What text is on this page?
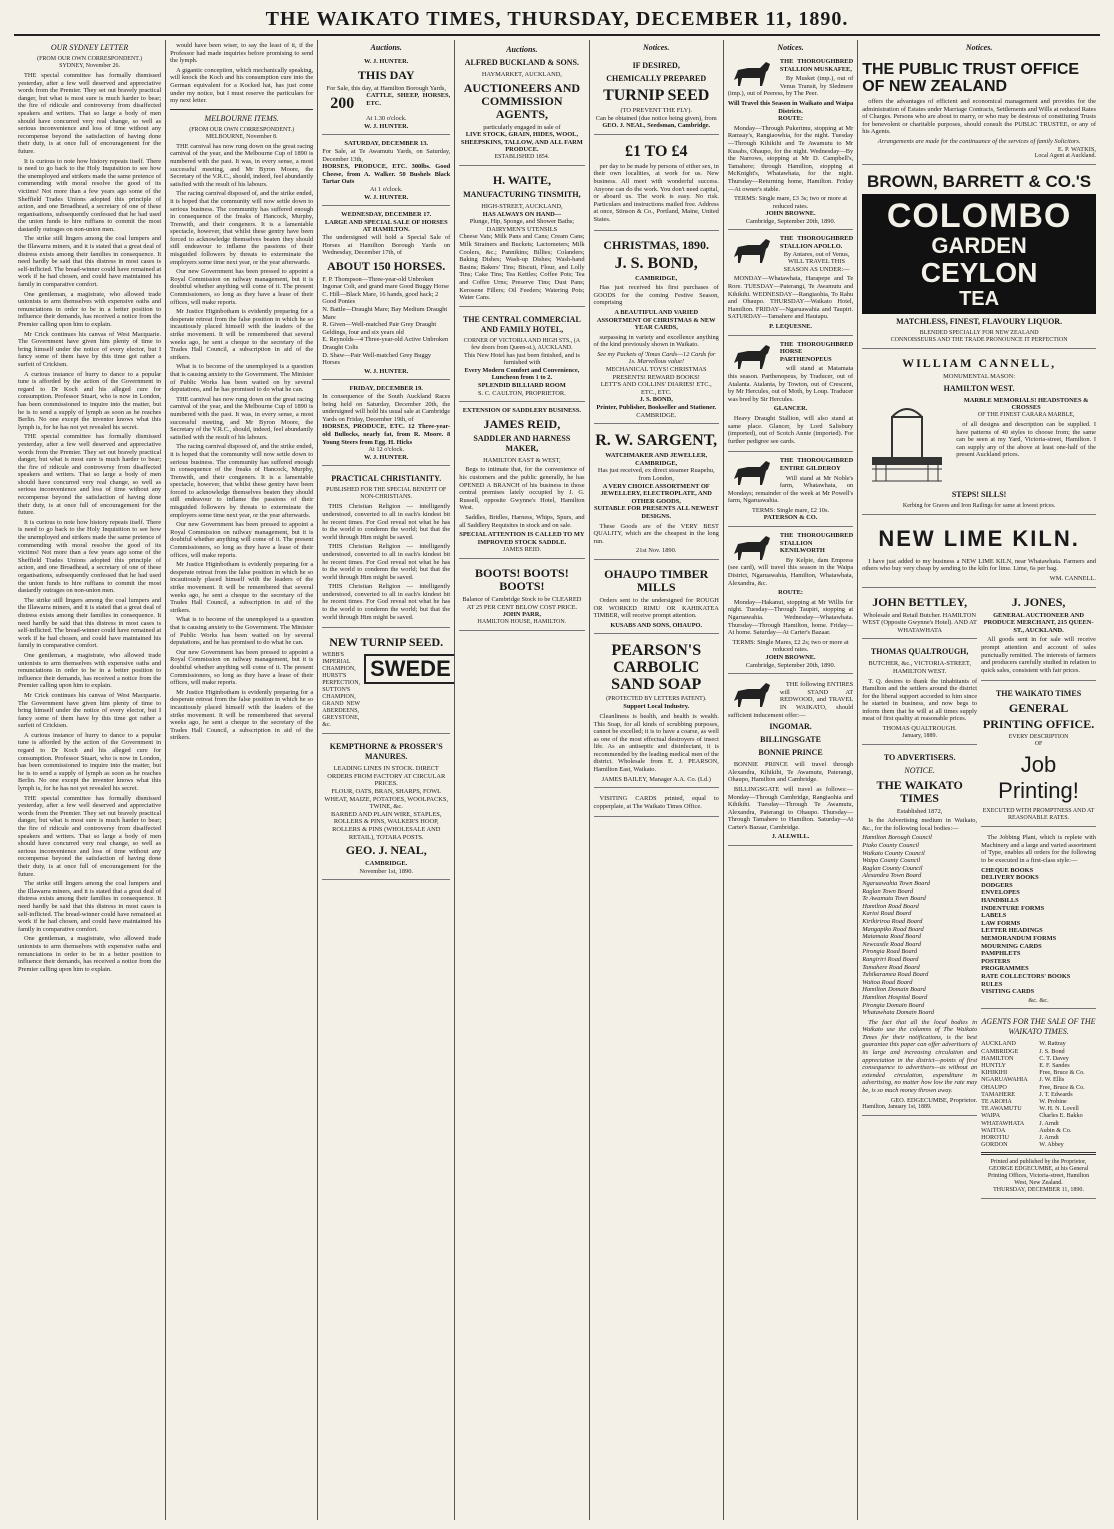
THE WAIKATO TIMES, THURSDAY, DECEMBER 11, 1890.
OUR SYDNEY LETTER
(FROM OUR OWN CORRESPONDENT.)
SYDNEY, November 26.

THE special committee has formally dismissed yesterday, after a few well deserved and appreciative words from the Premier. They set out bravely practical danger, but what is most sure is much harder to bear; the fire of ridicule and controversy from disaffected speakers and writers. That so large a body of men should have concurred very real change, so well as serious inconvenience and loss of time without any recompense beyond the satisfaction of having done their duty, is at once full of encouragement for the future.

It is curious to note how history repeats itself. There is need to go back to the Holy Inquisition to see how the unemployed and strikers made the same pretence of commending with moral resolve the good of its victims! Not more than a few years ago some of the Sheffield Trades Unions adopted this principle of action, and one Broadhead, a secretary of one of these organisations, subsequently confessed that he had used the union funds to hire ruffians to commit the most dastardly outrages on non-union men.

The strike still lingers among the coal lumpers and the Illawarra miners, and it is stated that a great deal of distress exists among their families in consequence. It need hardly be said that this distress in most cases is self-inflicted. The bread-winner could have remained at work if he had chosen, and could have maintained his family in comparative comfort.

One gentleman, a magistrate, who allowed trade unionists to arm themselves with expensive oaths and renunciations in order to be in a better position to influence their demands, has received a notice from the Premier calling upon him to explain.

Mr Crick continues his canvas of West Macquarie. The Government have given him plenty of time to bring himself under the notice of every elector, but I fancy some of them have by this time got rather a surfeit of Crickism.

A curious instance of hurry to dance to a popular tune is afforded by the action of the Government in regard to Dr Koch and his alleged cure for consumption. Professor Stuart, who is now in London, has been commissioned to inquire into the matter, but he is to send a supply of lymph as soon as he reaches Berlin. No one except the inventor knows what this lymph is, for he has not yet revealed his secret.

THE special committee has formally dismissed yesterday, after a few well deserved and appreciative words from the Premier. They set out bravely practical danger, but what is most sure is much harder to bear; the fire of ridicule and controversy from disaffected speakers and writers. That so large a body of men should have concurred very real change, so well as serious inconvenience and loss of time without any recompense beyond the satisfaction of having done their duty, is at once full of encouragement for the future.

It is curious to note how history repeats itself. There is need to go back to the Holy Inquisition to see how the unemployed and strikers made the same pretence of commending with moral resolve the good of its victims! Not more than a few years ago some of the Sheffield Trades Unions adopted this principle of action, and one Broadhead, a secretary of one of these organisations, subsequently confessed that he had used the union funds to hire ruffians to commit the most dastardly outrages on non-union men.

The strike still lingers among the coal lumpers and the Illawarra miners, and it is stated that a great deal of distress exists among their families in consequence. It need hardly be said that this distress in most cases is self-inflicted. The bread-winner could have remained at work if he had chosen, and could have maintained his family in comparative comfort.

One gentleman, a magistrate, who allowed trade unionists to arm themselves with expensive oaths and renunciations in order to be in a better position to influence their demands, has received a notice from the Premier calling upon him to explain.

Mr Crick continues his canvas of West Macquarie. The Government have given him plenty of time to bring himself under the notice of every elector, but I fancy some of them have by this time got rather a surfeit of Crickism.

A curious instance of hurry to dance to a popular tune is afforded by the action of the Government in regard to Dr Koch and his alleged cure for consumption. Professor Stuart, who is now in London, has been commissioned to inquire into the matter, but he is to send a supply of lymph as soon as he reaches Berlin. No one except the inventor knows what this lymph is, for he has not yet revealed his secret.

THE special committee has formally dismissed yesterday, after a few well deserved and appreciative words from the Premier. They set out bravely practical danger, but what is most sure is much harder to bear; the fire of ridicule and controversy from disaffected speakers and writers. That so large a body of men should have concurred very real change, so well as serious inconvenience and loss of time without any recompense beyond the satisfaction of having done their duty, is at once full of encouragement for the future.

The strike still lingers among the coal lumpers and the Illawarra miners, and it is stated that a great deal of distress exists among their families in consequence. It need hardly be said that this distress in most cases is self-inflicted. The bread-winner could have remained at work if he had chosen, and could have maintained his family in comparative comfort.

One gentleman, a magistrate, who allowed trade unionists to arm themselves with expensive oaths and renunciations in order to be in a better position to influence their demands, has received a notice from the Premier calling upon him to explain.

would have been wiser, to say the least of it, if the Professor had made inquiries before promising to send the lymph.

A gigantic conception, which mechanically speaking, will knock the Koch and his consumption cure into the German equivalent for a Kocked hat, has just come under my notice, but I must reserve the particulars for my next letter.

MELBOURNE ITEMS.
(FROM OUR OWN CORRESPONDENT.)
MELBOURNE, November 8.

THE carnival has now rung down on the great racing carnival of the year, and the Melbourne Cup of 1890 is numbered with the past. It was, in every sense, a most successful meeting, and Mr Byron Moore, the Secretary of the V.R.C., should, indeed, feel abundantly satisfied with the result of his labours.

The racing carnival disposed of, and the strike ended, it is hoped that the community will now settle down to serious business. The community has suffered enough in consequence of the freaks of Hancock, Murphy, Trenwith, and their congeners. It is a lamentable spectacle, however, that whilst these gentry have been forced to acknowledge themselves beaten they should still endeavour to inflame the passions of their misguided followers by threats to exterminate the employers some time next year, or the year afterwards.

Our new Government has been pressed to appoint a Royal Commission on railway management, but it is doubtful whether anything will come of it. The present Commissioners, so long as they have a lease of their offices, will make reports.

Mr Justice Higinbotham is evidently preparing for a desperate retreat from the false position in which he so incautiously placed himself with the leaders of the strike movement. It will be remembered that several weeks ago, he sent a cheque to the secretary of the Trades Hall Council, a subscription in aid of the strikers.

What is to become of the unemployed is a question that is causing anxiety to the Government. The Minister of Public Works has been waited on by several deputations, and he has promised to do what he can.

THE carnival has now rung down on the great racing carnival of the year, and the Melbourne Cup of 1890 is numbered with the past. It was, in every sense, a most successful meeting, and Mr Byron Moore, the Secretary of the V.R.C., should, indeed, feel abundantly satisfied with the result of his labours.

The racing carnival disposed of, and the strike ended, it is hoped that the community will now settle down to serious business. The community has suffered enough in consequence of the freaks of Hancock, Murphy, Trenwith, and their congeners. It is a lamentable spectacle, however, that whilst these gentry have been forced to acknowledge themselves beaten they should still endeavour to inflame the passions of their misguided followers by threats to exterminate the employers some time next year, or the year afterwards.

Our new Government has been pressed to appoint a Royal Commission on railway management, but it is doubtful whether anything will come of it. The present Commissioners, so long as they have a lease of their offices, will make reports.

Mr Justice Higinbotham is evidently preparing for a desperate retreat from the false position in which he so incautiously placed himself with the leaders of the strike movement. It will be remembered that several weeks ago, he sent a cheque to the secretary of the Trades Hall Council, a subscription in aid of the strikers.

What is to become of the unemployed is a question that is causing anxiety to the Government. The Minister of Public Works has been waited on by several deputations, and he has promised to do what he can.

Our new Government has been pressed to appoint a Royal Commission on railway management, but it is doubtful whether anything will come of it. The present Commissioners, so long as they have a lease of their offices, will make reports.

Mr Justice Higinbotham is evidently preparing for a desperate retreat from the false position in which he so incautiously placed himself with the leaders of the strike movement. It will be remembered that several weeks ago, he sent a cheque to the secretary of the Trades Hall Council, a subscription in aid of the strikers.

Auctions.
W. J. HUNTER.
THIS DAY
For Sale, this day, at Hamilton Borough Yards,
200	CATTLE, SHEEP, HORSES, ETC.
At 1.30 o'clock.
W. J. HUNTER.
SATURDAY, DECEMBER 13.
For Sale, at Te Awamutu Yards, on Saturday, December 13th,
HORSES, PRODUCE, ETC. 300lbs. Good Cheese, from A. Walker. 50 Bushels Black Tartar Oats
At 1 o'clock.
W. J. HUNTER.
WEDNESDAY, DECEMBER 17.
LARGE AND SPECIAL SALE OF HORSES AT HAMILTON.
The undersigned will hold a Special Sale of Horses at Hamilton Borough Yards on Wednesday, December 17th, of
ABOUT 150 HORSES.
F. P. Thompson—Three-year-old Unbroken Ingonar Colt, and grand mare Good Buggy Horse
C. Hill—Black Mare, 16 hands, good hack; 2 Good Ponies
N. Battle—Draught Mare; Bay Medium Draught Mare
R. Given—Well-matched Pair Grey Draught Geldings, four and six years old
E. Reynolds—4 Three-year-old Active Unbroken Draught Colts
D. Shaw—Pair Well-matched Grey Buggy Horses
W. J. HUNTER.
FRIDAY, DECEMBER 19.
In consequence of the South Auckland Races being held on Saturday, December 20th, the undersigned will hold his usual sale at Cambridge Yards on Friday, December 19th, of
HORSES, PRODUCE, ETC. 12 Three-year-old Bullocks, nearly fat, from R. Moore. 8 Young Steers from Egg. H. Hicks
At 12 o'clock.
W. J. HUNTER.
PRACTICAL CHRISTIANITY.
PUBLISHED FOR THE SPECIAL BENEFIT OF NON-CHRISTIANS.

THIS Christian Religion — intelligently understood, converted to all in each's kindest bit he recent times. For God reveal not what he has to the world to condemn the world; but that the world through Him might be saved.

THIS Christian Religion — intelligently understood, converted to all in each's kindest bit he recent times. For God reveal not what he has to the world to condemn the world; but that the world through Him might be saved.

THIS Christian Religion — intelligently understood, converted to all in each's kindest bit he recent times. For God reveal not what he has to the world to condemn the world; but that the world through Him might be saved.

NEW TURNIP SEED.
WEBB'S IMPERIAL CHAMPION, HURST'S PERFECTION, SUTTON'S CHAMPION, GRAND NEW ABERDEENS, GREYSTONE, &c.
SWEDE
KEMPTHORNE & PROSSER'S MANURES.
LEADING LINES IN STOCK. DIRECT ORDERS FROM FACTORY AT CIRCULAR PRICES.
FLOUR, OATS, BRAN, SHARPS, FOWL WHEAT, MAIZE, POTATOES, WOOLPACKS, TWINE, &c.
BARBED AND PLAIN WIRE, STAPLES, ROLLERS & PINS, WALKER'S HOOP, ROLLERS & PINS (WHOLESALE AND RETAIL), TOTARA POSTS.
GEO. J. NEAL,
CAMBRIDGE.
November 1st, 1890.
Auctions.
ALFRED BUCKLAND & SONS.
HAYMARKET, AUCKLAND,
AUCTIONEERS AND COMMISSION AGENTS,
particularly engaged in sale of
LIVE STOCK, GRAIN, HIDES, WOOL, SHEEPSKINS, TALLOW, AND ALL FARM PRODUCE.
ESTABLISHED 1854.
H. WAITE,
MANUFACTURING TINSMITH,
HIGH-STREET, AUCKLAND,
HAS ALWAYS ON HAND—
Plunge, Hip, Sponge, and Shower Baths; DAIRYMEN'S UTENSILS
Cheese Vats; Milk Pans and Cans; Cream Cans; Milk Strainers and Buckets; Lactometers; Milk Coolers, &c.; Pannikins; Billies; Colanders; Baking Dishes; Wash-up Dishes; Wash-hand Basins; Bakers' Tins; Biscuit, Flour, and Lolly Tins; Cake Tins; Tea Kettles; Coffee Pots; Tea and Coffee Urns; Preserve Tins; Dust Pans; Kerosene Fillers; Oil Feeders; Watering Pots; Water Cans.
THE CENTRAL COMMERCIAL AND FAMILY HOTEL,
CORNER OF VICTORIA AND HIGH STS., (A few doors from Queen-st.), AUCKLAND.
This New Hotel has just been finished, and is furnished with
Every Modern Comfort and Convenience,
Luncheon from 1 to 2.
SPLENDID BILLIARD ROOM
S. C. CAULTON, PROPRIETOR.
EXTENSION OF SADDLERY BUSINESS.
JAMES REID,
SADDLER AND HARNESS MAKER,
HAMILTON EAST & WEST,

Begs to intimate that, for the convenience of his customers and the public generally, he has OPENED A BRANCH of his business in those central premises lately occupied by J. G. Russell, opposite Gwynne's Hotel, Hamilton West.

Saddles, Bridles, Harness, Whips, Spurs, and all Saddlery Requisites in stock and on sale.

SPECIAL ATTENTION IS CALLED TO MY IMPROVED STOCK SADDLE.
JAMES REID.
BOOTS! BOOTS! BOOTS!
Balance of Cambridge Stock to be CLEARED AT 25 PER CENT BELOW COST PRICE.
JOHN PARR,
HAMILTON HOUSE, HAMILTON.
Notices.
IF DESIRED,
CHEMICALLY PREPARED
TURNIP SEED
(TO PREVENT THE FLY).
Can be obtained (due notice being given), from
GEO. J. NEAL, Seedsman, Cambridge.
£1 TO £4

per day to be made by persons of either sex, in their own localities, at work for us. New business. All meet with wonderful success. Anyone can do the work. You don't need capital, or aboard us. The work is easy. No risk. Particulars and instructions mailed free. Address at once, Stinson & Co., Portland, Maine, United States.

CHRISTMAS, 1890.
J. S. BOND,
CAMBRIDGE,

Has just received his first purchases of GOODS for the coming Festive Season, comprising

A BEAUTIFUL AND VARIED ASSORTMENT OF CHRISTMAS & NEW YEAR CARDS,

surpassing in variety and excellence anything of the kind previously shown in Waikato.

See my Packets of 'Xmas Cards—12 Cards for 1s. Marvellous value!
MECHANICAL TOYS! CHRISTMAS PRESENTS! REWARD BOOKS!
LETT'S AND COLLINS' DIARIES! ETC., ETC., ETC.
J. S. BOND,
Printer, Publisher, Bookseller and Stationer.
CAMBRIDGE.
R. W. SARGENT,
WATCHMAKER AND JEWELLER, CAMBRIDGE,
Has just received, ex direct steamer Ruapehu, from London,
A VERY CHOICE ASSORTMENT OF JEWELLERY, ELECTROPLATE, AND OTHER GOODS,
SUITABLE FOR PRESENTS ALL NEWEST DESIGNS.

These Goods are of the VERY BEST QUALITY, which are the cheapest in the long run.

21st Nov. 1890.
OHAUPO TIMBER MILLS

Orders sent to the undersigned for ROUGH OR WORKED RIMU OR KAHIKATEA TIMBER, will receive prompt attention.

KUSABS AND SONS, OHAUPO.
PEARSON'S CARBOLIC SAND SOAP
(PROTECTED BY LETTERS PATENT).
Support Local Industry.

Cleanliness is health, and health is wealth. This Soap, for all kinds of scrubbing purposes, cannot be excelled; it is to have a coarse, as well as one of the most effectual destroyers of insect life. As an antiseptic and disinfectant, it is recommended by the leading medical men of the district. Wholesale from E. J. PEARSON, Hamilton East, Waikato.

JAMES BAILEY, Manager A.A. Co. (Ld.)

VISITING CARDS printed, equal to copperplate, at The Waikato Times Office.

Notices.
THE THOROUGHBRED STALLION MUSKAFEE,

By Musket (imp.), out of Venus Transit, by Sledmere (imp.), out of Peeress, by The Peer.

Will Travel this Season in Waikato and Waipa Districts.
ROUTE:

Monday—Through Pukerimu, stopping at Mr Ramsay's, Rangiaowhia, for the night. Tuesday—Through Kihikihi and Te Awamutu to Mr Kusabs, Ohaupo, for the night. Wednesday—By the Narrows, stopping at Mr D. Campbell's, Tamahere; through Hamilton, stopping at McKnight's, Whatawhata, for the night. Thursday—Returning home, Hamilton. Friday—At owner's stable.

TERMS: Single mare, £3 3s; two or more at reduced rates.
JOHN BROWNE.
Cambridge, September 20th, 1890.
THE THOROUGHBRED STALLION APOLLO.
By Antares, out of Venus, WILL TRAVEL THIS SEASON AS UNDER:—

MONDAY—Whatawhata, Harapepe and Te Rore. TUESDAY—Paterangi, Te Awamutu and Kihikihi. WEDNESDAY—Rangiaohia, To Rahu and Ohaupo. THURSDAY—Waikato Hotel, Hamilton. FRIDAY—Ngaruawahia and Taupiri. SATURDAY—Tamahere and Hautapu.

P. LEQUESNE.
THE THOROUGHBRED HORSE PARTHENOPEUS

will stand at Matamata this season. Parthenopeus, by Traducer, out of Atalanta. Atalanta, by Towton, out of Crescent, by Mr Hercules, out of Moth, by Loup. Traducer was bred by Sir Hercules.

GLANCER.

Heavy Draught Stallion, will also stand at same place. Glancer, by Lord Salisbury (imported), out of Scotch Annie (imported). For further pedigree see cards.

THE THOROUGHBRED ENTIRE GILDEROY

Will stand at Mr Noble's farm, Whatawhata, on Mondays; remainder of the week at Mr Powell's farm, Ngaruawahia.

TERMS: Single mare, £2 10s.
PATERSON & CO.
THE THOROUGHBRED STALLION KENILWORTH

By Kelpie, dam Empress (see card), will travel this season in the Waipa District, Ngaruawahia, Hamilton, Whatawhata, Alexandra, &c.

ROUTE:

Monday—Hakanui, stopping at Mr Willis for night. Tuesday—Through Taupiri, stopping at Ngaruawahia. Wednesday—Whatawhata. Thursday—Through Hamilton, home. Friday—At home. Saturday—At Carter's Bazaar.

TERMS: Single Mares, £2 2s; two or more at reduced rates.
JOHN BROWNE.
Cambridge, September 20th, 1890.

THE following ENTIRES will STAND AT REDWOOD, and TRAVEL IN WAIKATO, should sufficient inducement offer:—

INGOMAR.
BILLINGSGATE
BONNIE PRINCE

BONNIE PRINCE will travel through Alexandra, Kihikihi, Te Awamutu, Paterangi, Ohaupo, Hamilton and Cambridge.

BILLINGSGATE will travel as follows:—Monday—Through Cambridge, Rangiaohia and Kihikihi. Tuesday—Through Te Awamutu, Alexandra, Paterangi to Ohaupo. Thursday—Through Tamahere to Hamilton. Saturday—At Carter's Bazaar, Cambridge.

J. ALLWILL.
Notices.
THE PUBLIC TRUST OFFICE OF NEW ZEALAND

offers the advantages of efficient and economical management and provides for the administration of Estates under Marriage Contracts, Settlements and Wills at reduced Rates of Charges. Persons who are about to marry, or who may be desirous of constituting Trusts for benevolent or charitable purposes, should consult the PUBLIC TRUSTEE, or any of his Agents.

Arrangements are made for the continuance of the services of family Solicitors.
E. P. WATKIS,
Local Agent at Auckland.
BROWN, BARRETT & CO.'S
COLOMBO
GARDEN
CEYLON
TEA
MATCHLESS, FINEST, FLAVOURY LIQUOR.
BLENDED SPECIALLY FOR NEW ZEALAND
CONNOISSEURS AND THE TRADE PRONOUNCE IT PERFECTION
WILLIAM CANNELL,
MONUMENTAL MASON:
HAMILTON WEST.
MARBLE MEMORIALS! HEADSTONES & CROSSES
OF THE FINEST CARARA MARBLE,

of all designs and description can be supplied. I have patterns of 40 styles to choose from; the same can be seen at my Yard, Victoria-street, Hamilton. I can supply any of the above at least one-half of the present Auckland prices.

STEPS! SILLS!
Kerbing for Graves and Iron Railings for same at lowest prices.
NEW LIME KILN.

I have just added to my business a NEW LIME KILN, near Whatawhata. Farmers and others who buy very cheap by sending to the kiln for lime. Lime, 6s per bag.

WM. CANNELL.
JOHN BETTLEY,
Wholesale and Retail Butcher. HAMILTON WEST (Opposite Gwynne's Hotel). AND AT WHATAWHATA
THOMAS QUALTROUGH,
BUTCHER, &c., VICTORIA-STREET, HAMILTON WEST.

T. Q. desires to thank the inhabitants of Hamilton and the settlers around the district for the liberal support accorded to him since he started in business, and now begs to inform them that he will at all times supply meat of first quality at reasonable prices.

THOMAS QUALTROUGH.
January, 1889.
TO ADVERTISERS.
NOTICE.
THE WAIKATO TIMES
Established 1872,

Is the Advertising medium in Waikato, &c., for the following local bodies:—

Hamilton Borough Council
Piako County Council
Waikato County Council
Waipa County Council
Raglan County Council
Alexandra Town Board
Ngaruawahia Town Board
Raglan Town Board
Te Awamutu Town Board
Hamilton Road Board
Karioi Road Board
Kirikiriroa Road Board
Mangapiko Road Board
Matamata Road Board
Newcastle Road Board
Pirongia Road Board
Rangiriri Road Board
Tamahere Road Board
Tuhikaramea Road Board
Waitoa Road Board
Hamilton Domain Board
Hamilton Hospital Board
Pirongia Domain Board
Whatawhata Domain Board

The fact that all the local bodies in Waikato use the columns of The Waikato Times for their notifications, is the best guarantee this paper can offer advertisers of its large and increasing circulation and appreciation in the district—points of first consequence to advertisers—as without an extended circulation, expenditure in advertising, no matter how low the rate may be, is so much money thrown away.

GEO. EDGECUMBE, Proprietor.
Hamilton, January 1st, 1889.
J. JONES,
GENERAL AUCTIONEER AND PRODUCE MERCHANT, 215 QUEEN-ST., AUCKLAND.

All goods sent in for sale will receive prompt attention and account of sales punctually remitted. The interests of farmers and producers carefully studied in relation to quick sales, consistent with fair prices.

THE WAIKATO TIMES
GENERAL
PRINTING OFFICE.
EVERY DESCRIPTION
OF
Job Printing!
EXECUTED WITH PROMPTNESS AND AT REASONABLE RATES.

The Jobbing Plant, which is replete with Machinery and a large and varied assortment of Type, enables all orders for the following to be executed in a first-class style:—

CHEQUE BOOKS
DELIVERY BOOKS
DODGERS
ENVELOPES
HANDBILLS
INDENTURE FORMS
LABELS
LAW FORMS
LETTER HEADINGS
MEMORANDUM FORMS
MOURNING CARDS
PAMPHLETS
POSTERS
PROGRAMMES
RATE COLLECTORS' BOOKS
RULES
VISITING CARDS
&c. &c.
AGENTS FOR THE SALE OF THE WAIKATO TIMES.
AUCKLAND	W. Rattray
CAMBRIDGE	J. S. Bond
HAMILTON	C. T. Davey
HUNTLY	E. F. Sandes
KIHIKIHI	Free, Bruce & Co.
NGARUAWAHIA	J. W. Ellis
OHAUPO	Free, Bruce & Co.
TAMAHERE	J. T. Edwards
TE AROHA	W. Probine
TE AWAMUTU	W. H. N. Lovell
WAIPA	Charles E. Bakko
WHATAWHATA	J. Arndt
WAITOA	Aubin & Co.
HOROTIU	J. Arndt
GORDON	W. Abbey
Printed and published by the Proprietor, GEORGE EDGECUMBE, at his General Printing Offices, Victoria-street, Hamilton West, New Zealand.
THURSDAY, DECEMBER 11, 1890.
